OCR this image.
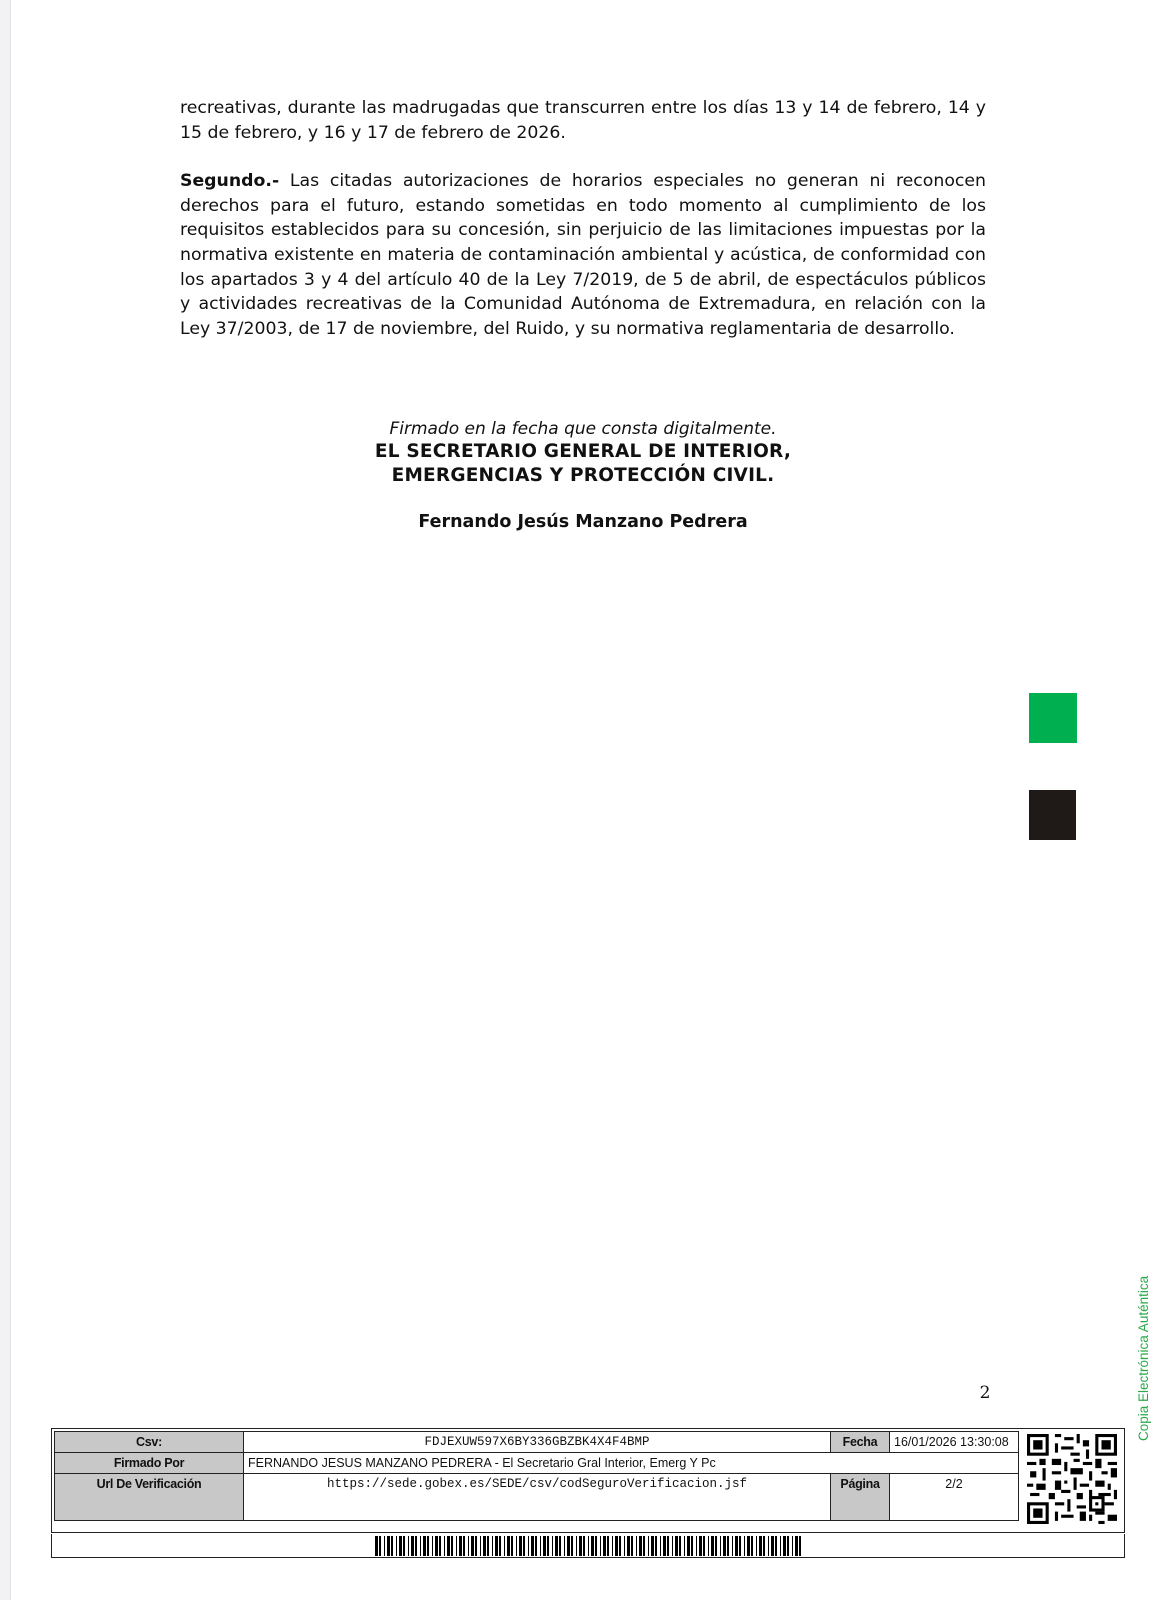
recreativas, durante las madrugadas que transcurren entre los días 13 y 14 de febrero, 14 y 15 de febrero, y 16 y 17 de febrero de 2026.

Segundo.- Las citadas autorizaciones de horarios especiales no generan ni reconocen derechos para el futuro, estando sometidas en todo momento al cumplimiento de los requisitos establecidos para su concesión, sin perjuicio de las limitaciones impuestas por la normativa existente en materia de contaminación ambiental y acústica, de conformidad con los apartados 3 y 4 del artículo 40 de la Ley 7/2019, de 5 de abril, de espectáculos públicos y actividades recreativas de la Comunidad Autónoma de Extremadura, en relación con la Ley 37/2003, de 17 de noviembre, del Ruido, y su normativa reglamentaria de desarrollo.

Firmado en la fecha que consta digitalmente.
EL SECRETARIO GENERAL DE INTERIOR,
EMERGENCIAS Y PROTECCIÓN CIVIL.
Fernando Jesús Manzano Pedrera
Copia Electrónica Auténtica
2
Csv:	FDJEXUW597X6BY336GBZBK4X4F4BMP	Fecha	16/01/2026 13:30:08
Firmado Por	FERNANDO JESUS MANZANO PEDRERA - El Secretario Gral Interior, Emerg Y Pc		
Url De Verificación	https://sede.gobex.es/SEDE/csv/codSeguroVerificacion.jsf	Página	2/2
